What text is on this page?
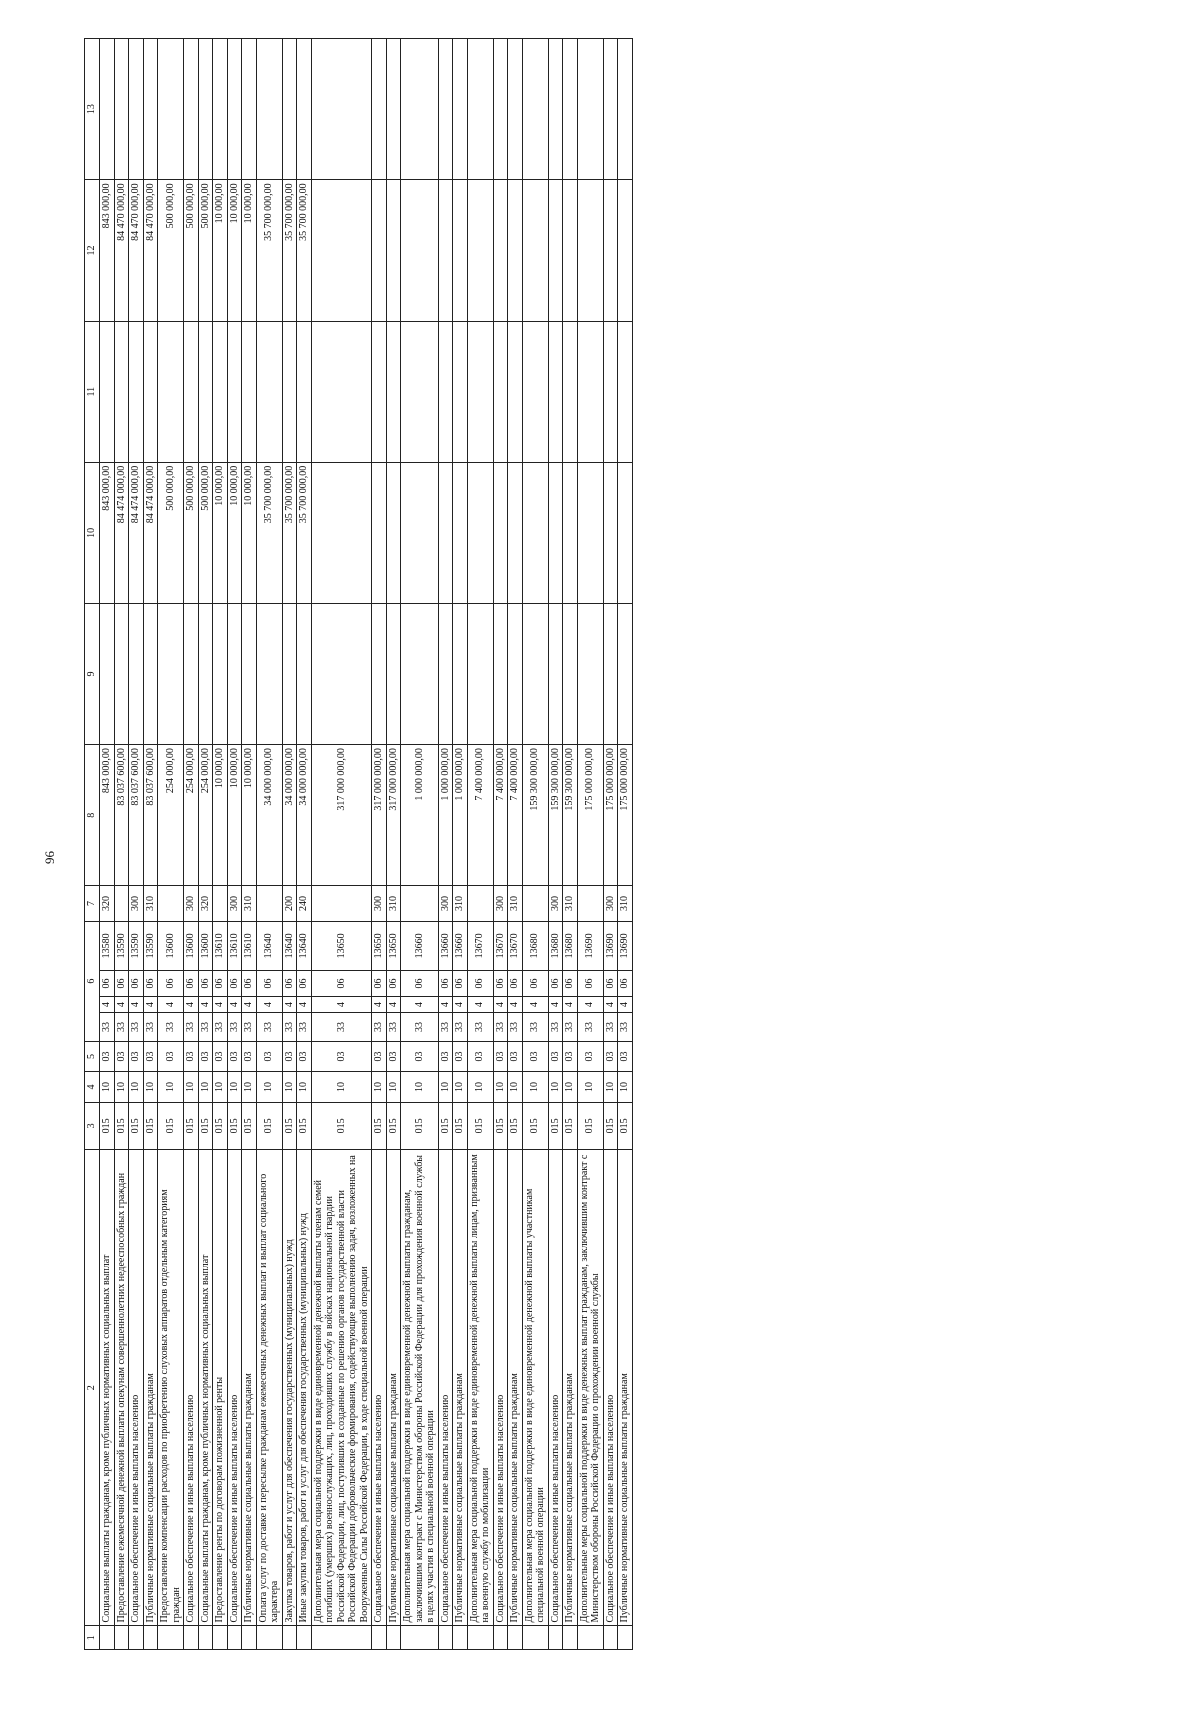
96
1	2	3	4	5	6				7	8	9	10	11	12	13
	Социальные выплаты гражданам, кроме публичных нормативных социальных выплат	015	10	03	33	4	06	13580	320	843 000,00		843 000,00		843 000,00	
	Предоставление ежемесячной денежной выплаты опекунам совершеннолетних недееспособных граждан	015	10	03	33	4	06	13590		83 037 600,00		84 474 000,00		84 470 000,00	
	Социальное обеспечение и иные выплаты населению	015	10	03	33	4	06	13590	300	83 037 600,00		84 474 000,00		84 470 000,00	
	Публичные нормативные социальные выплаты гражданам	015	10	03	33	4	06	13590	310	83 037 600,00		84 474 000,00		84 470 000,00	
	Предоставление компенсации расходов по приобретению слуховых аппаратов отдельным категориям граждан	015	10	03	33	4	06	13600		254 000,00		500 000,00		500 000,00	
	Социальное обеспечение и иные выплаты населению	015	10	03	33	4	06	13600	300	254 000,00		500 000,00		500 000,00	
	Социальные выплаты гражданам, кроме публичных нормативных социальных выплат	015	10	03	33	4	06	13600	320	254 000,00		500 000,00		500 000,00	
	Предоставление ренты по договорам пожизненной ренты	015	10	03	33	4	06	13610		10 000,00		10 000,00		10 000,00	
	Социальное обеспечение и иные выплаты населению	015	10	03	33	4	06	13610	300	10 000,00		10 000,00		10 000,00	
	Публичные нормативные социальные выплаты гражданам	015	10	03	33	4	06	13610	310	10 000,00		10 000,00		10 000,00	
	Оплата услуг по доставке и пересылке гражданам ежемесячных денежных выплат и выплат социального характера	015	10	03	33	4	06	13640		34 000 000,00		35 700 000,00		35 700 000,00	
	Закупка товаров, работ и услуг для обеспечения государственных (муниципальных) нужд	015	10	03	33	4	06	13640	200	34 000 000,00		35 700 000,00		35 700 000,00	
	Иные закупки товаров, работ и услуг для обеспечения государственных (муниципальных) нужд	015	10	03	33	4	06	13640	240	34 000 000,00		35 700 000,00		35 700 000,00	
	Дополнительная мера социальной поддержки в виде единовременной денежной выплаты членам семей погибших (умерших) военнослужащих, лиц, проходивших службу в войсках национальной гвардии Российской Федерации, лиц, поступивших в созданные по решению органов государственной власти Российской Федерации добровольческие формирования, содействующие выполнению задач, возложенных на Вооруженные Силы Российской Федерации, в ходе специальной военной операции	015	10	03	33	4	06	13650		317 000 000,00					
	Социальное обеспечение и иные выплаты населению	015	10	03	33	4	06	13650	300	317 000 000,00					
	Публичные нормативные социальные выплаты гражданам	015	10	03	33	4	06	13650	310	317 000 000,00					
	Дополнительная мера социальной поддержки в виде единовременной денежной выплаты гражданам, заключившим контракт с Министерством обороны Российской Федерации для прохождения военной службы в целях участия в специальной военной операции	015	10	03	33	4	06	13660		1 000 000,00					
	Социальное обеспечение и иные выплаты населению	015	10	03	33	4	06	13660	300	1 000 000,00					
	Публичные нормативные социальные выплаты гражданам	015	10	03	33	4	06	13660	310	1 000 000,00					
	Дополнительная мера социальной поддержки в виде единовременной денежной выплаты лицам, призванным на военную службу по мобилизации	015	10	03	33	4	06	13670		7 400 000,00					
	Социальное обеспечение и иные выплаты населению	015	10	03	33	4	06	13670	300	7 400 000,00					
	Публичные нормативные социальные выплаты гражданам	015	10	03	33	4	06	13670	310	7 400 000,00					
	Дополнительная мера социальной поддержки в виде единовременной денежной выплаты участникам специальной военной операции	015	10	03	33	4	06	13680		159 300 000,00					
	Социальное обеспечение и иные выплаты населению	015	10	03	33	4	06	13680	300	159 300 000,00					
	Публичные нормативные социальные выплаты гражданам	015	10	03	33	4	06	13680	310	159 300 000,00					
	Дополнительные меры социальной поддержки в виде денежных выплат гражданам, заключившим контракт с Министерством обороны Российской Федерации о прохождении военной службы	015	10	03	33	4	06	13690		175 000 000,00					
	Социальное обеспечение и иные выплаты населению	015	10	03	33	4	06	13690	300	175 000 000,00					
	Публичные нормативные социальные выплаты гражданам	015	10	03	33	4	06	13690	310	175 000 000,00					
